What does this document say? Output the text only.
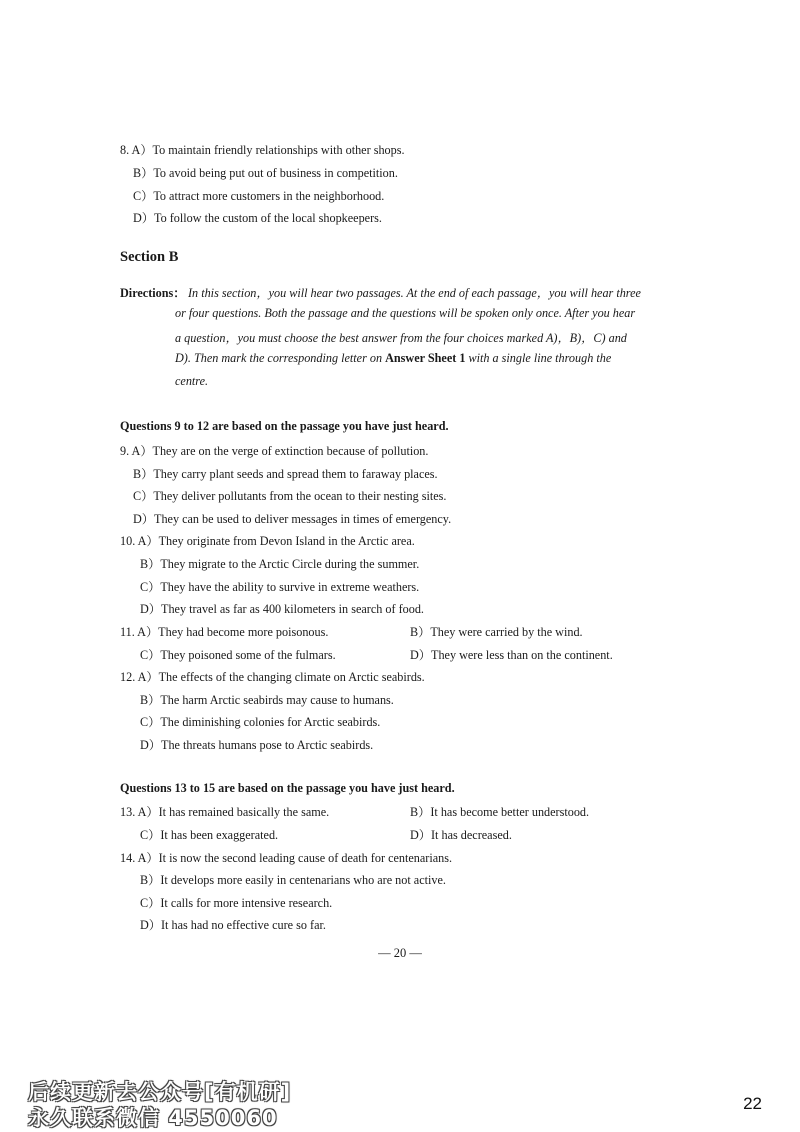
8. A）To maintain friendly relationships with other shops.
B）To avoid being put out of business in competition.
C）To attract more customers in the neighborhood.
D）To follow the custom of the local shopkeepers.
Section B
Directions： In this section，you will hear two passages. At the end of each passage，you will hear three
or four questions. Both the passage and the questions will be spoken only once. After you hear
a question，you must choose the best answer from the four choices marked A)，B)，C) and
D). Then mark the corresponding letter on Answer Sheet 1 with a single line through the
centre.
Questions 9 to 12 are based on the passage you have just heard.
9. A）They are on the verge of extinction because of pollution.
B）They carry plant seeds and spread them to faraway places.
C）They deliver pollutants from the ocean to their nesting sites.
D）They can be used to deliver messages in times of emergency.
10. A）They originate from Devon Island in the Arctic area.
B）They migrate to the Arctic Circle during the summer.
C）They have the ability to survive in extreme weathers.
D）They travel as far as 400 kilometers in search of food.
11. A）They had become more poisonous.	B）They were carried by the wind.
C）They poisoned some of the fulmars.	D）They were less than on the continent.
12. A）The effects of the changing climate on Arctic seabirds.
B）The harm Arctic seabirds may cause to humans.
C）The diminishing colonies for Arctic seabirds.
D）The threats humans pose to Arctic seabirds.
Questions 13 to 15 are based on the passage you have just heard.
13. A）It has remained basically the same.	B）It has become better understood.
C）It has been exaggerated.	D）It has decreased.
14. A）It is now the second leading cause of death for centenarians.
B）It develops more easily in centenarians who are not active.
C）It calls for more intensive research.
D）It has had no effective cure so far.
— 20 —
后续更新去公众号[有机研]
永久联系微信 4550060
22
